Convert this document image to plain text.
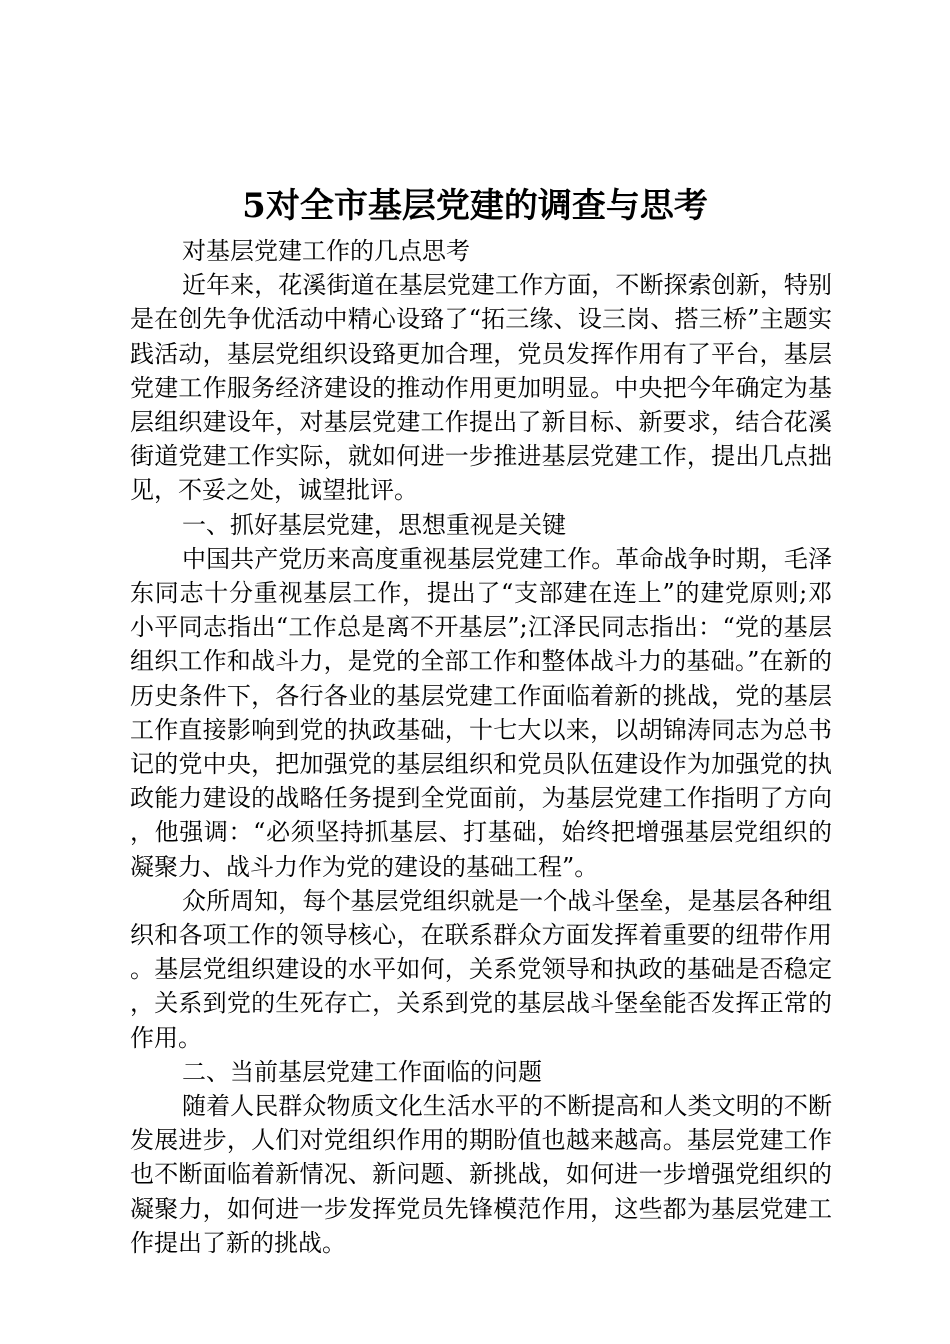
5对全市基层党建的调查与思考

对基层党建工作的几点思考

近年来，花溪街道在基层党建工作方面，不断探索创新，特别是在创先争优活动中精心设臵了“拓三缘、设三岗、搭三桥”主题实践活动，基层党组织设臵更加合理，党员发挥作用有了平台，基层党建工作服务经济建设的推动作用更加明显。中央把今年确定为基层组织建设年，对基层党建工作提出了新目标、新要求，结合花溪街道党建工作实际，就如何进一步推进基层党建工作，提出几点拙见，不妥之处，诚望批评。

一、抓好基层党建，思想重视是关键

中国共产党历来高度重视基层党建工作。革命战争时期，毛泽东同志十分重视基层工作，提出了“支部建在连上”的建党原则;邓小平同志指出“工作总是离不开基层”;江泽民同志指出：“党的基层组织工作和战斗力，是党的全部工作和整体战斗力的基础。”在新的历史条件下，各行各业的基层党建工作面临着新的挑战，党的基层工作直接影响到党的执政基础，十七大以来，以胡锦涛同志为总书记的党中央，把加强党的基层组织和党员队伍建设作为加强党的执政能力建设的战略任务提到全党面前，为基层党建工作指明了方向，他强调：“必须坚持抓基层、打基础，始终把增强基层党组织的凝聚力、战斗力作为党的建设的基础工程”。

众所周知，每个基层党组织就是一个战斗堡垒，是基层各种组织和各项工作的领导核心，在联系群众方面发挥着重要的纽带作用。基层党组织建设的水平如何，关系党领导和执政的基础是否稳定，关系到党的生死存亡，关系到党的基层战斗堡垒能否发挥正常的作用。

二、当前基层党建工作面临的问题

随着人民群众物质文化生活水平的不断提高和人类文明的不断发展进步，人们对党组织作用的期盼值也越来越高。基层党建工作也不断面临着新情况、新问题、新挑战，如何进一步增强党组织的凝聚力，如何进一步发挥党员先锋模范作用，这些都为基层党建工作提出了新的挑战。
